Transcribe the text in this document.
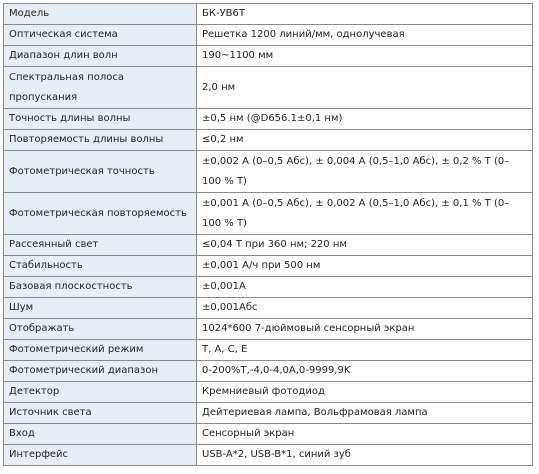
Модель	БК-УВ6Т
Оптическая система	Решетка 1200 линий/мм, однолучевая
Диапазон длин волн	190~1100 мм
Спектральная полоса пропускания	2,0 нм
Точность длины волны	±0,5 нм (@D656.1±0,1 нм)
Повторяемость длины волны	≤0,2 нм
Фотометрическая точность	±0,002 A (0–0,5 Абс), ± 0,004 A (0,5–1,0 Абс), ± 0,2 % T (0–100 % T)
Фотометрическая повторяемость	±0,001 A (0–0,5 Абс), ± 0,002 A (0,5–1,0 Абс), ± 0,1 % T (0–100 % T)
Рассеянный свет	≤0,04 T при 360 нм; 220 нм
Стабильность	±0,001 А/ч при 500 нм
Базовая плоскостность	±0,001A
Шум	±0,001Абс
Отображать	1024*600 7-дюймовый сенсорный экран
Фотометрический режим	T, A, C, E
Фотометрический диапазон	0-200%T,-4,0-4,0A,0-9999,9K
Детектор	Кремниевый фотодиод
Источник света	Дейтериевая лампа, Вольфрамовая лампа
Вход	Сенсорный экран
Интерфейс	USB-A*2, USB-B*1, синий зуб
